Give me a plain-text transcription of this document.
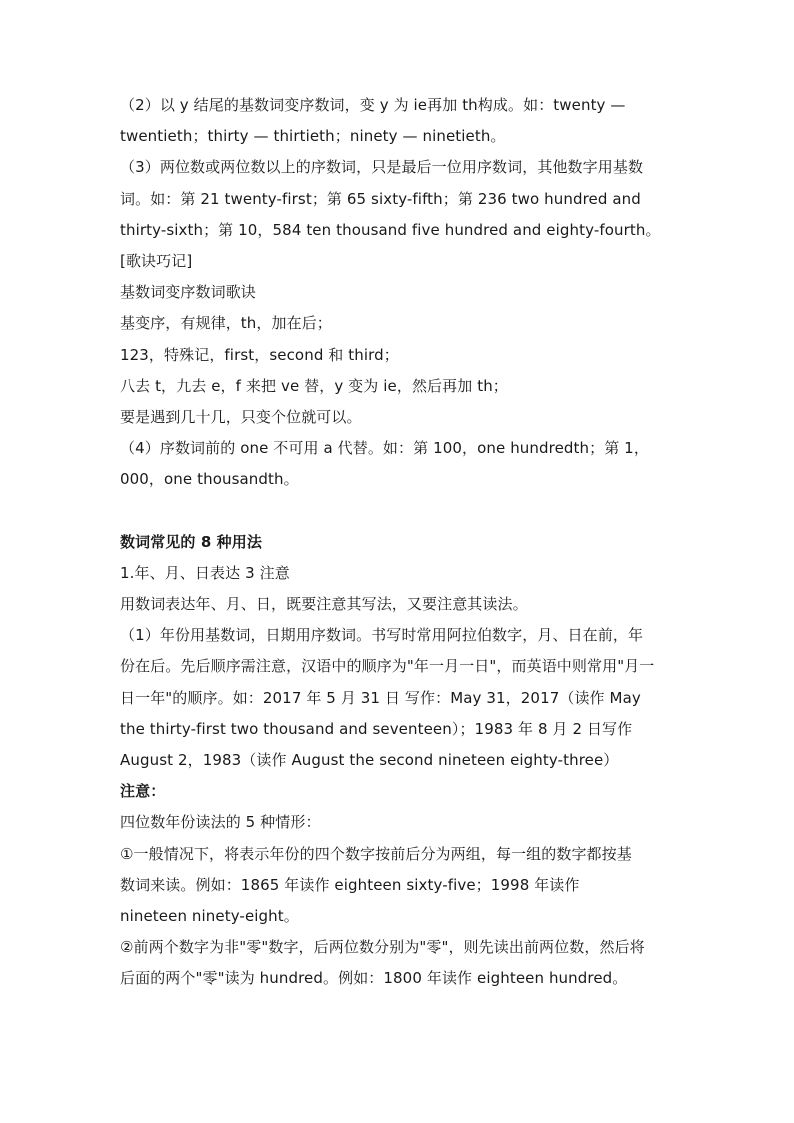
（2）以 y 结尾的基数词变序数词，变 y 为 ie再加 th构成。如：twenty —
twentieth；thirty — thirtieth；ninety — ninetieth。
（3）两位数或两位数以上的序数词，只是最后一位用序数词，其他数字用基数
词。如：第 21 twenty-first；第 65 sixty-fifth；第 236 two hundred and
thirty-sixth；第 10，584 ten thousand five hundred and eighty-fourth。
[歌诀巧记]
基数词变序数词歌诀
基变序，有规律，th，加在后；
123，特殊记，first，second 和 third；
八去 t，九去 e，f 来把 ve 替，y 变为 ie，然后再加 th；
要是遇到几十几，只变个位就可以。
（4）序数词前的 one 不可用 a 代替。如：第 100，one hundredth；第 1，
000，one thousandth。
数词常见的 8 种用法
1.年、月、日表达 3 注意
用数词表达年、月、日，既要注意其写法，又要注意其读法。
（1）年份用基数词，日期用序数词。书写时常用阿拉伯数字，月、日在前，年
份在后。先后顺序需注意，汉语中的顺序为"年一月一日"，而英语中则常用"月一
日一年"的顺序。如：2017 年 5 月 31 日 写作：May 31，2017（读作 May
the thirty-first two thousand and seventeen）；1983 年 8 月 2 日写作
August 2，1983（读作 August the second nineteen eighty-three）
注意：
四位数年份读法的 5 种情形：
①一般情况下，将表示年份的四个数字按前后分为两组，每一组的数字都按基
数词来读。例如：1865 年读作 eighteen sixty-five；1998 年读作
nineteen ninety-eight。
②前两个数字为非"零"数字，后两位数分别为"零"，则先读出前两位数，然后将
后面的两个"零"读为 hundred。例如：1800 年读作 eighteen hundred。
